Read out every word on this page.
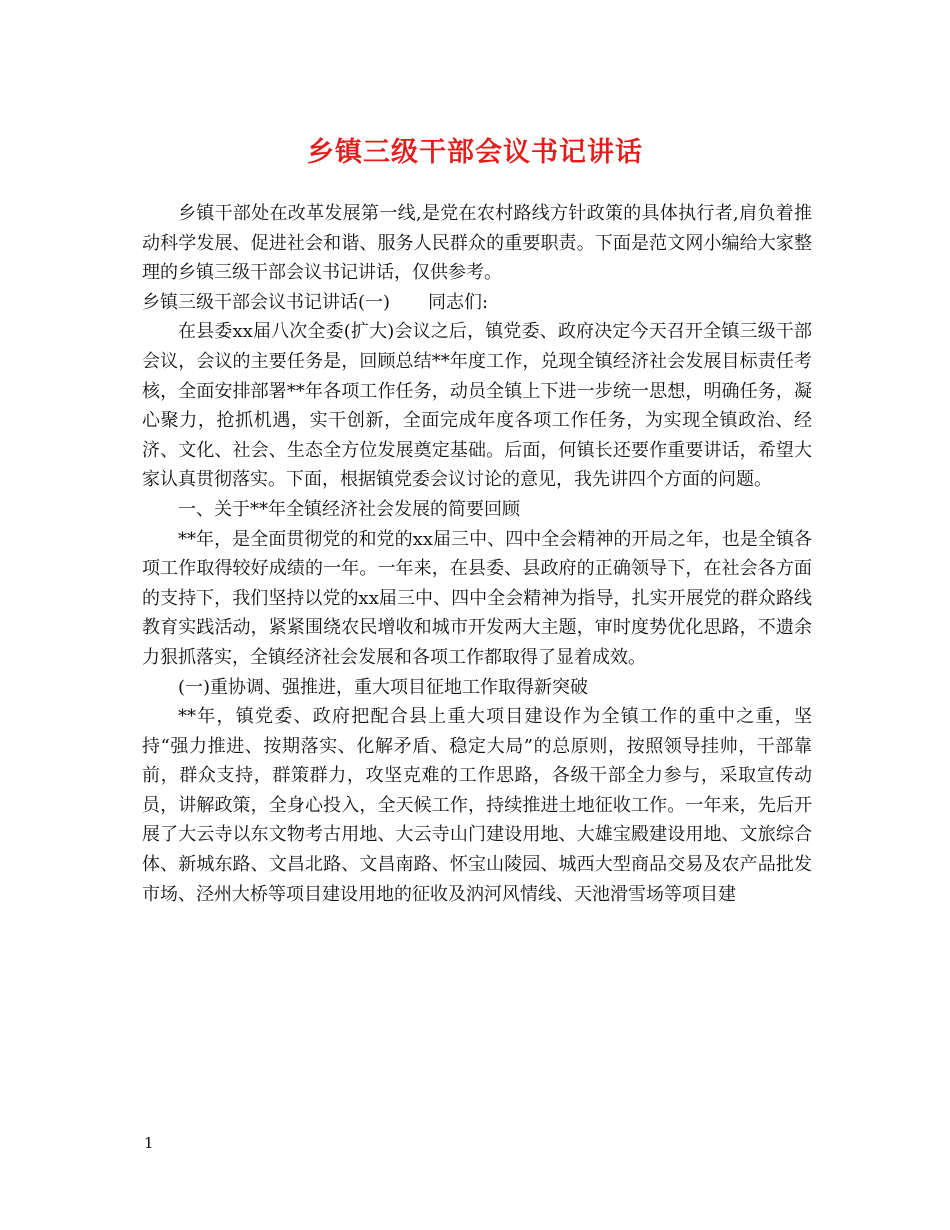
乡镇三级干部会议书记讲话

乡镇干部处在改革发展第一线,是党在农村路线方针政策的具体执行者,肩负着推动科学发展、促进社会和谐、服务人民群众的重要职责。下面是范文网小编给大家整理的乡镇三级干部会议书记讲话，仅供参考。

乡镇三级干部会议书记讲话(一) 同志们:

在县委xx届八次全委(扩大)会议之后，镇党委、政府决定今天召开全镇三级干部会议，会议的主要任务是，回顾总结**年度工作，兑现全镇经济社会发展目标责任考核，全面安排部署**年各项工作任务，动员全镇上下进一步统一思想，明确任务，凝心聚力，抢抓机遇，实干创新，全面完成年度各项工作任务，为实现全镇政治、经济、文化、社会、生态全方位发展奠定基础。后面，何镇长还要作重要讲话，希望大家认真贯彻落实。下面，根据镇党委会议讨论的意见，我先讲四个方面的问题。

一、关于**年全镇经济社会发展的简要回顾

**年，是全面贯彻党的和党的xx届三中、四中全会精神的开局之年，也是全镇各项工作取得较好成绩的一年。一年来，在县委、县政府的正确领导下，在社会各方面的支持下，我们坚持以党的xx届三中、四中全会精神为指导，扎实开展党的群众路线教育实践活动，紧紧围绕农民增收和城市开发两大主题，审时度势优化思路，不遗余力狠抓落实，全镇经济社会发展和各项工作都取得了显着成效。

(一)重协调、强推进，重大项目征地工作取得新突破

**年，镇党委、政府把配合县上重大项目建设作为全镇工作的重中之重，坚持“强力推进、按期落实、化解矛盾、稳定大局”的总原则，按照领导挂帅，干部靠前，群众支持，群策群力，攻坚克难的工作思路，各级干部全力参与，采取宣传动员，讲解政策，全身心投入，全天候工作，持续推进土地征收工作。一年来，先后开展了大云寺以东文物考古用地、大云寺山门建设用地、大雄宝殿建设用地、文旅综合体、新城东路、文昌北路、文昌南路、怀宝山陵园、城西大型商品交易及农产品批发市场、泾州大桥等项目建设用地的征收及汭河风情线、天池滑雪场等项目建

1
